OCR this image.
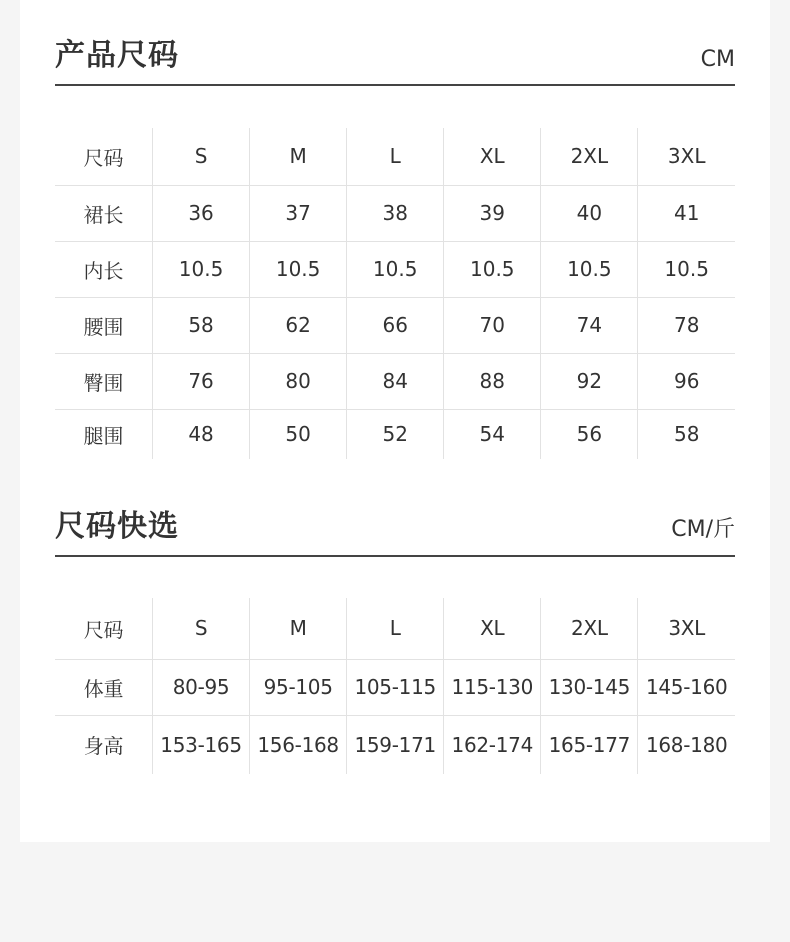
产品尺码	CM
尺码	S	M	L	XL	2XL	3XL
裙长	36	37	38	39	40	41
内长	10.5	10.5	10.5	10.5	10.5	10.5
腰围	58	62	66	70	74	78
臀围	76	80	84	88	92	96
腿围	48	50	52	54	56	58
尺码快选	CM/斤
尺码	S	M	L	XL	2XL	3XL
体重	80-95	95-105	105-115	115-130	130-145	145-160
身高	153-165	156-168	159-171	162-174	165-177	168-180
